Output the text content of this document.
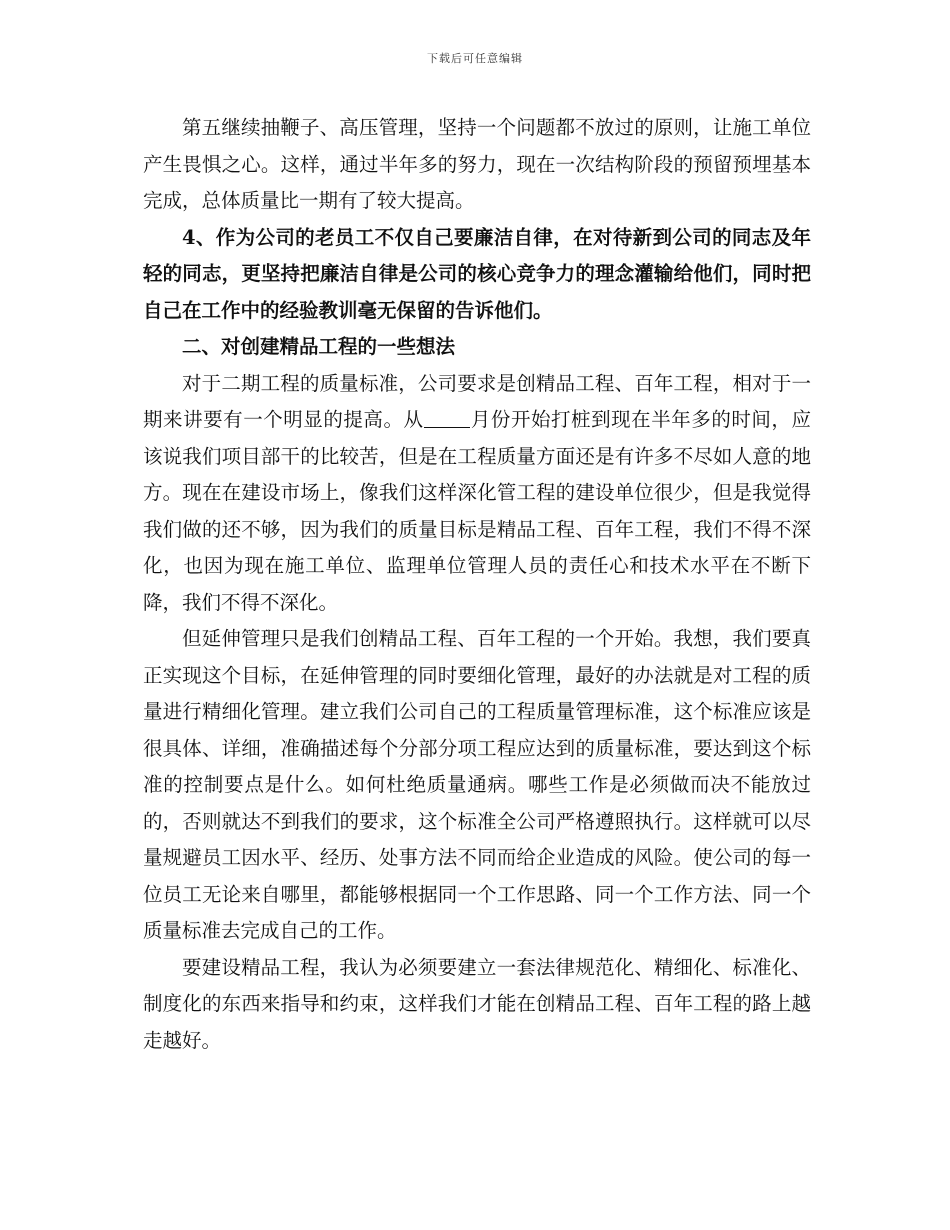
下载后可任意编辑

第五继续抽鞭子、高压管理，坚持一个问题都不放过的原则，让施工单位产生畏惧之心。这样，通过半年多的努力，现在一次结构阶段的预留预埋基本完成，总体质量比一期有了较大提高。

4、作为公司的老员工不仅自己要廉洁自律，在对待新到公司的同志及年轻的同志，更坚持把廉洁自律是公司的核心竞争力的理念灌输给他们，同时把自己在工作中的经验教训毫无保留的告诉他们。

二、对创建精品工程的一些想法

对于二期工程的质量标准，公司要求是创精品工程、百年工程，相对于一期来讲要有一个明显的提高。从 月份开始打桩到现在半年多的时间，应该说我们项目部干的比较苦，但是在工程质量方面还是有许多不尽如人意的地方。现在在建设市场上，像我们这样深化管工程的建设单位很少，但是我觉得我们做的还不够，因为我们的质量目标是精品工程、百年工程，我们不得不深化，也因为现在施工单位、监理单位管理人员的责任心和技术水平在不断下降，我们不得不深化。

但延伸管理只是我们创精品工程、百年工程的一个开始。我想，我们要真正实现这个目标，在延伸管理的同时要细化管理，最好的办法就是对工程的质量进行精细化管理。建立我们公司自己的工程质量管理标准，这个标准应该是很具体、详细，准确描述每个分部分项工程应达到的质量标准，要达到这个标准的控制要点是什么。如何杜绝质量通病。哪些工作是必须做而决不能放过的，否则就达不到我们的要求，这个标准全公司严格遵照执行。这样就可以尽量规避员工因水平、经历、处事方法不同而给企业造成的风险。使公司的每一位员工无论来自哪里，都能够根据同一个工作思路、同一个工作方法、同一个质量标准去完成自己的工作。

要建设精品工程，我认为必须要建立一套法律规范化、精细化、标准化、制度化的东西来指导和约束，这样我们才能在创精品工程、百年工程的路上越走越好。
